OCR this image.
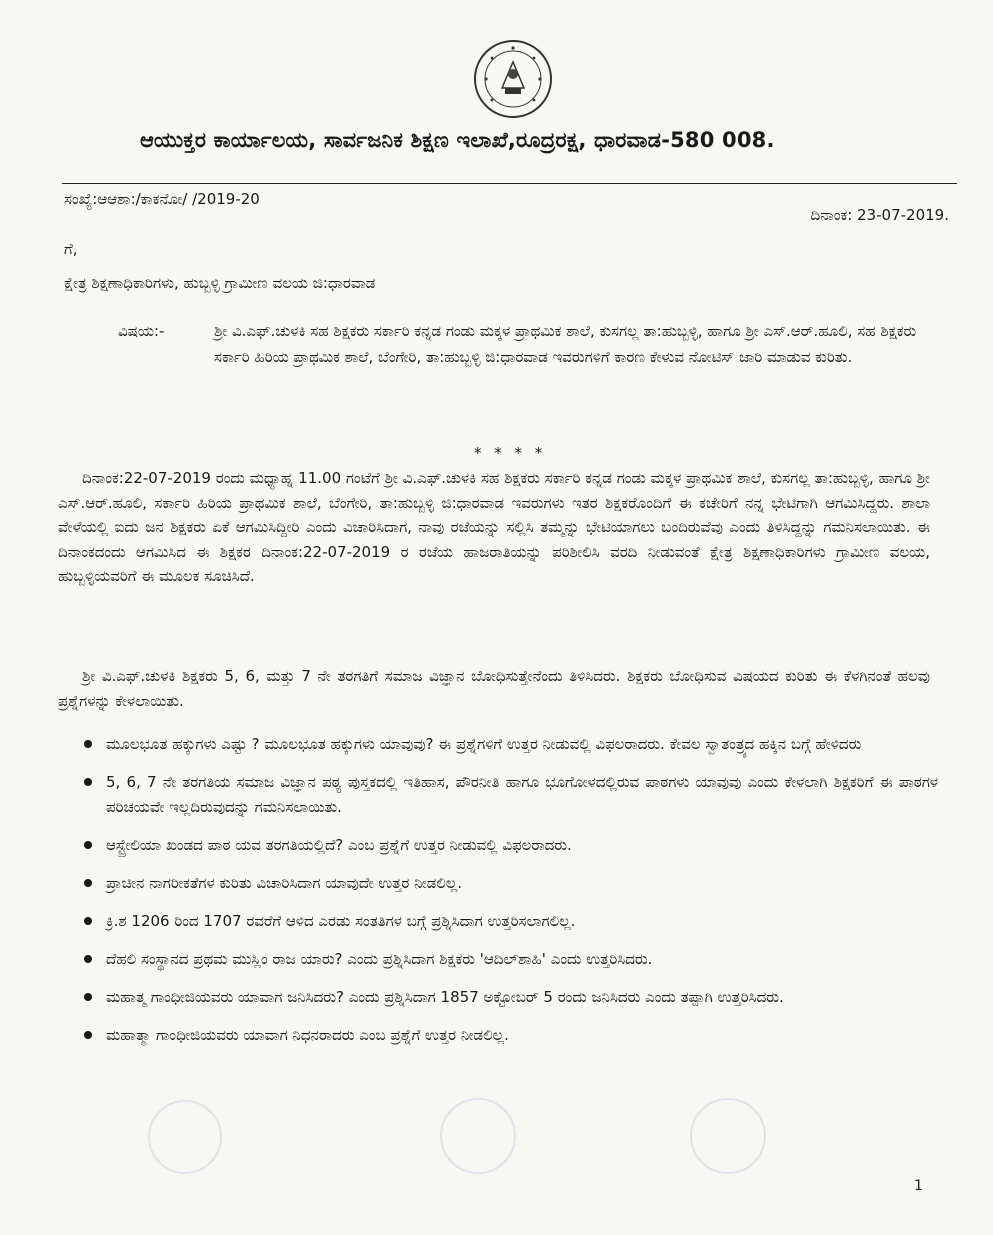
ಆಯುಕ್ತರ ಕಾರ್ಯಾಲಯ, ಸಾರ್ವಜನಿಕ ಶಿಕ್ಷಣ ಇಲಾಖೆ,ರೂದ್ರರಕ್ಷ, ಧಾರವಾಡ-580 008.
ಸಂಖ್ಯೆ:ಆಆಶಾ:/ಕಾಕನೋ/ /2019-20
ದಿನಾಂಕ: 23-07-2019.
ಗೆ,
ಕ್ಷೇತ್ರ ಶಿಕ್ಷಣಾಧಿಕಾರಿಗಳು, ಹುಬ್ಬಳ್ಳಿ ಗ್ರಾಮೀಣ ವಲಯ ಜಿ:ಧಾರವಾಡ
ವಿಷಯ:-	ಶ್ರೀ ವಿ.ಎಫ್.ಚುಳಕಿ ಸಹ ಶಿಕ್ಷಕರು ಸರ್ಕಾರಿ ಕನ್ನಡ ಗಂಡು ಮಕ್ಕಳ ಪ್ರಾಥಮಿಕ ಶಾಲೆ, ಕುಸಗಲ್ಲ ತಾ:ಹುಬ್ಬಳ್ಳಿ, ಹಾಗೂ ಶ್ರೀ ಎಸ್.ಆರ್.ಹೂಲಿ, ಸಹ ಶಿಕ್ಷಕರು ಸರ್ಕಾರಿ ಹಿರಿಯ ಪ್ರಾಥಮಿಕ ಶಾಲೆ, ಬೆಂಗೇರಿ, ತಾ:ಹುಬ್ಬಳ್ಳಿ ಜಿ:ಧಾರವಾಡ ಇವರುಗಳಿಗೆ ಕಾರಣ ಕೇಳುವ ನೋಟಿಸ್ ಜಾರಿ ಮಾಡುವ ಕುರಿತು.
* * * *
ದಿನಾಂಕ:22-07-2019 ರಂದು ಮಧ್ಯಾಹ್ನ 11.00 ಗಂಟೆಗೆ ಶ್ರೀ ವಿ.ಎಫ್.ಚುಳಕಿ ಸಹ ಶಿಕ್ಷಕರು ಸರ್ಕಾರಿ ಕನ್ನಡ ಗಂಡು ಮಕ್ಕಳ ಪ್ರಾಥಮಿಕ ಶಾಲೆ, ಕುಸಗಲ್ಲ ತಾ:ಹುಬ್ಬಳ್ಳಿ, ಹಾಗೂ ಶ್ರೀ ಎಸ್.ಆರ್.ಹೂಲಿ, ಸರ್ಕಾರಿ ಹಿರಿಯ ಪ್ರಾಥಮಿಕ ಶಾಲೆ, ಬೆಂಗೇರಿ, ತಾ:ಹುಬ್ಬಳ್ಳಿ ಜಿ:ಧಾರವಾಡ ಇವರುಗಳು ಇತರ ಶಿಕ್ಷಕರೊಂದಿಗೆ ಈ ಕಚೇರಿಗೆ ನನ್ನ ಭೇಟಿಗಾಗಿ ಆಗಮಿಸಿದ್ದರು. ಶಾಲಾ ವೇಳೆಯಲ್ಲಿ ಐದು ಜನ ಶಿಕ್ಷಕರು ಏಕೆ ಆಗಮಿಸಿದ್ದೀರಿ ಎಂದು ವಿಚಾರಿಸಿದಾಗ, ನಾವು ರಜೆಯನ್ನು ಸಲ್ಲಿಸಿ ತಮ್ಮನ್ನು ಭೇಟಿಯಾಗಲು ಬಂದಿರುವೆವು ಎಂದು ತಿಳಿಸಿದ್ದನ್ನು ಗಮನಿಸಲಾಯಿತು. ಈ ದಿನಾಂಕದಂದು ಆಗಮಿಸಿದ ಈ ಶಿಕ್ಷಕರ ದಿನಾಂಕ:22-07-2019 ರ ರಜೆಯ ಹಾಜರಾತಿಯನ್ನು ಪರಿಶೀಲಿಸಿ ವರದಿ ನೀಡುವಂತೆ ಕ್ಷೇತ್ರ ಶಿಕ್ಷಣಾಧಿಕಾರಿಗಳು ಗ್ರಾಮೀಣ ವಲಯ, ಹುಬ್ಬಳ್ಳಿಯವರಿಗೆ ಈ ಮೂಲಕ ಸೂಚಿಸಿದೆ.
ಶ್ರೀ ವಿ.ಎಫ್.ಚುಳಕಿ ಶಿಕ್ಷಕರು 5, 6, ಮತ್ತು 7 ನೇ ತರಗತಿಗೆ ಸಮಾಜ ವಿಜ್ಞಾನ ಬೋಧಿಸುತ್ತೇನೆಂದು ತಿಳಿಸಿದರು. ಶಿಕ್ಷಕರು ಬೋಧಿಸುವ ವಿಷಯದ ಕುರಿತು ಈ ಕೆಳಗಿನಂತೆ ಹಲವು ಪ್ರಶ್ನೆಗಳನ್ನು ಕೇಳಲಾಯಿತು.
ಮೂಲಭೂತ ಹಕ್ಕುಗಳು ಎಷ್ಟು ? ಮೂಲಭೂತ ಹಕ್ಕುಗಳು ಯಾವುವು? ಈ ಪ್ರಶ್ನೆಗಳಿಗೆ ಉತ್ತರ ನೀಡುವಲ್ಲಿ ವಿಫಲರಾದರು. ಕೇವಲ ಸ್ವಾತಂತ್ರ್ಯದ ಹಕ್ಕಿನ ಬಗ್ಗೆ ಹೇಳಿದರು
5, 6, 7 ನೇ ತರಗತಿಯ ಸಮಾಜ ವಿಜ್ಞಾನ ಪಠ್ಯ ಪುಸ್ತಕದಲ್ಲಿ ಇತಿಹಾಸ, ಪೌರನೀತಿ ಹಾಗೂ ಭೂಗೋಳದಲ್ಲಿರುವ ಪಾಠಗಳು ಯಾವುವು ಎಂದು ಕೇಳಲಾಗಿ ಶಿಕ್ಷಕರಿಗೆ ಈ ಪಾಠಗಳ ಪರಿಚಯವೇ ಇಲ್ಲದಿರುವುದನ್ನು ಗಮನಿಸಲಾಯಿತು.
ಆಸ್ಟ್ರೇಲಿಯಾ ಖಂಡದ ಪಾಠ ಯವ ತರಗತಿಯಲ್ಲಿದೆ? ಎಂಬ ಪ್ರಶ್ನೆಗೆ ಉತ್ತರ ನೀಡುವಲ್ಲಿ ವಿಫಲರಾದರು.
ಪ್ರಾಚೀನ ನಾಗರೀಕತೆಗಳ ಕುರಿತು ವಿಚಾರಿಸಿದಾಗ ಯಾವುದೇ ಉತ್ತರ ನೀಡಲಿಲ್ಲ.
ಕ್ರಿ.ಶ 1206 ರಿಂದ 1707 ರವರೆಗೆ ಆಳಿದ ಎರಡು ಸಂತತಿಗಳ ಬಗ್ಗೆ ಪ್ರಶ್ನಿಸಿದಾಗ ಉತ್ತರಿಸಲಾಗಲಿಲ್ಲ.
ದೆಹಲಿ ಸಂಸ್ಥಾನದ ಪ್ರಥಮ ಮುಸ್ಲಿಂ ರಾಜ ಯಾರು? ಎಂದು ಪ್ರಶ್ನಿಸಿದಾಗ ಶಿಕ್ಷಕರು 'ಆದಿಲ್‌ಶಾಹಿ' ಎಂದು ಉತ್ತರಿಸಿದರು.
ಮಹಾತ್ಮ ಗಾಂಧೀಜಿಯವರು ಯಾವಾಗ ಜನಿಸಿದರು? ಎಂದು ಪ್ರಶ್ನಿಸಿದಾಗ 1857 ಅಕ್ಟೋಬರ್ 5 ರಂದು ಜನಿಸಿದರು ಎಂದು ತಪ್ಪಾಗಿ ಉತ್ತರಿಸಿದರು.
ಮಹಾತ್ಮಾ ಗಾಂಧೀಜಿಯವರು ಯಾವಾಗ ನಿಧನರಾದರು ಎಂಬ ಪ್ರಶ್ನೆಗೆ ಉತ್ತರ ನೀಡಲಿಲ್ಲ.
1
